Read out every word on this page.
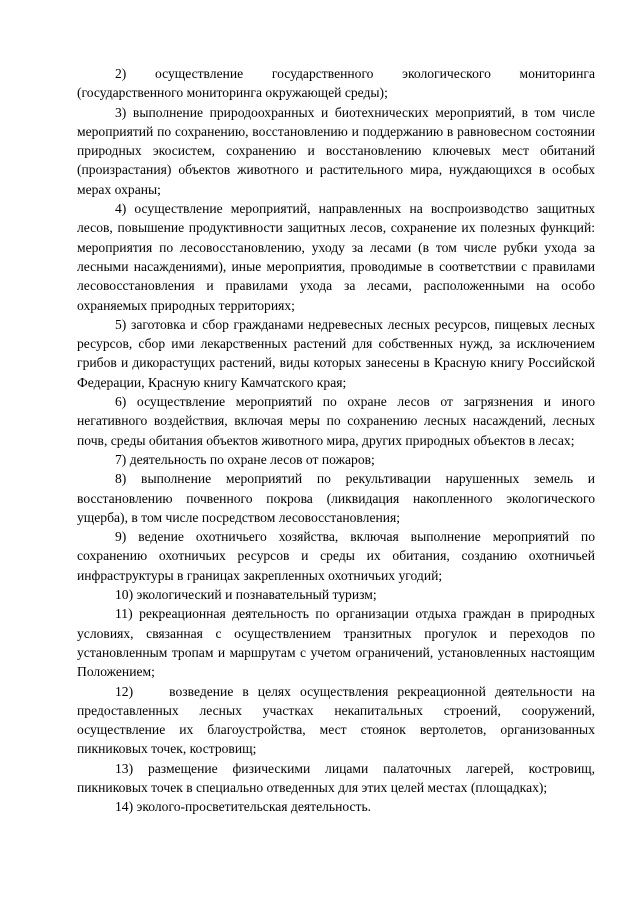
2) осуществление государственного экологического мониторинга (государственного мониторинга окружающей среды);

3) выполнение природоохранных и биотехнических мероприятий, в том числе мероприятий по сохранению, восстановлению и поддержанию в равновесном состоянии природных экосистем, сохранению и восстановлению ключевых мест обитаний (произрастания) объектов животного и растительного мира, нуждающихся в особых мерах охраны;

4) осуществление мероприятий, направленных на воспроизводство защитных лесов, повышение продуктивности защитных лесов, сохранение их полезных функций: мероприятия по лесовосстановлению, уходу за лесами (в том числе рубки ухода за лесными насаждениями), иные мероприятия, проводимые в соответствии с правилами лесовосстановления и правилами ухода за лесами, расположенными на особо охраняемых природных территориях;

5) заготовка и сбор гражданами недревесных лесных ресурсов, пищевых лесных ресурсов, сбор ими лекарственных растений для собственных нужд, за исключением грибов и дикорастущих растений, виды которых занесены в Красную книгу Российской Федерации, Красную книгу Камчатского края;

6) осуществление мероприятий по охране лесов от загрязнения и иного негативного воздействия, включая меры по сохранению лесных насаждений, лесных почв, среды обитания объектов животного мира, других природных объектов в лесах;

7) деятельность по охране лесов от пожаров;

8) выполнение мероприятий по рекультивации нарушенных земель и восстановлению почвенного покрова (ликвидация накопленного экологического ущерба), в том числе посредством лесовосстановления;

9) ведение охотничьего хозяйства, включая выполнение мероприятий по сохранению охотничьих ресурсов и среды их обитания, созданию охотничьей инфраструктуры в границах закрепленных охотничьих угодий;

10) экологический и познавательный туризм;

11) рекреационная деятельность по организации отдыха граждан в природных условиях, связанная с осуществлением транзитных прогулок и переходов по установленным тропам и маршрутам с учетом ограничений, установленных настоящим Положением;

12)    возведение в целях осуществления рекреационной деятельности на предоставленных лесных участках некапитальных строений, сооружений, осуществление их благоустройства, мест стоянок вертолетов, организованных пикниковых точек, костровищ;

13) размещение физическими лицами палаточных лагерей, костровищ, пикниковых точек в специально отведенных для этих целей местах (площадках);

14) эколого-просветительская деятельность.
